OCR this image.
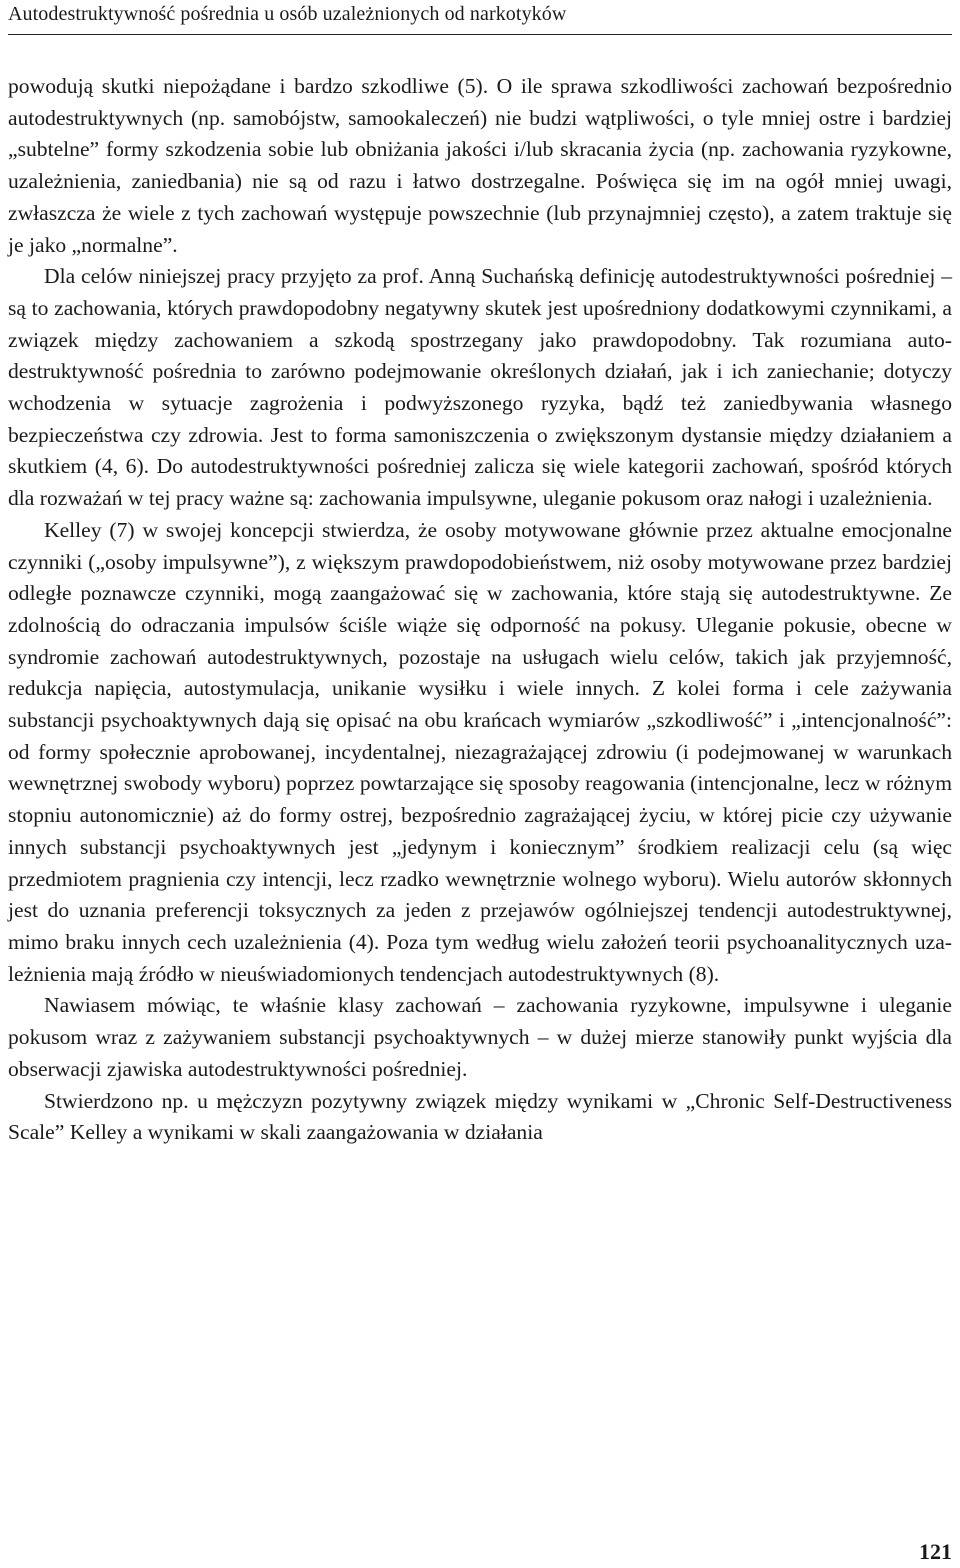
Autodestruktywność pośrednia u osób uzależnionych od narkotyków

powodują skutki niepożądane i bardzo szkodliwe (5). O ile sprawa szkodliwości zachowań bezpośrednio autodestruktywnych (np. samobójstw, samookaleczeń) nie budzi wątpliwości, o tyle mniej ostre i bardziej „subtelne” formy szkodzenia sobie lub obniżania jakości i/lub skracania życia (np. zachowania ryzykowne, uzależnienia, zaniedbania) nie są od razu i łatwo dostrzegalne. Poświęca się im na ogół mniej uwagi, zwłaszcza że wiele z tych zachowań występuje powszechnie (lub przynajmniej często), a zatem traktuje się je jako „normalne”.

Dla celów niniejszej pracy przyjęto za prof. Anną Suchańską definicję autodestruktywności pośredniej – są to zachowania, których prawdopodobny negatywny skutek jest upośredniony dodatkowymi czynnikami, a związek między zachowaniem a szkodą spostrzegany jako prawdopodobny. Tak rozumiana autodestruktywność pośrednia to zarówno podejmowanie określonych działań, jak i ich zaniechanie; dotyczy wchodzenia w sytuacje zagrożenia i podwyższonego ryzyka, bądź też zaniedbywania własnego bezpieczeństwa czy zdrowia. Jest to forma samoniszczenia o zwiększonym dystansie między działaniem a skutkiem (4, 6). Do autodestruktywności pośredniej zalicza się wiele kategorii zachowań, spośród których dla rozważań w tej pracy ważne są: zachowania impulsywne, uleganie pokusom oraz nałogi i uzależnienia.

Kelley (7) w swojej koncepcji stwierdza, że osoby motywowane głównie przez aktualne emocjonalne czynniki („osoby impulsywne”), z większym prawdopodobieństwem, niż osoby motywowane przez bardziej odległe poznawcze czynniki, mogą zaangażować się w zachowania, które stają się autodestruktywne. Ze zdolnością do odraczania impulsów ściśle wiąże się odporność na pokusy. Uleganie pokusie, obecne w syndromie zachowań autodestruktywnych, pozostaje na usługach wielu celów, takich jak przyjemność, redukcja napięcia, autostymulacja, unikanie wysiłku i wiele innych. Z kolei forma i cele zażywania substancji psychoaktywnych dają się opisać na obu krańcach wymiarów „szkodliwość” i „intencjonalność”: od formy społecznie aprobowanej, incydentalnej, niezagrażającej zdrowiu (i podejmowanej w warunkach wewnętrznej swobody wyboru) poprzez powtarzające się sposoby reagowania (intencjonalne, lecz w różnym stopniu autonomicznie) aż do formy ostrej, bezpośrednio zagrażającej życiu, w której picie czy używanie innych substancji psychoaktywnych jest „jedynym i koniecznym” środkiem realizacji celu (są więc przedmiotem pragnienia czy intencji, lecz rzadko wewnętrznie wolnego wyboru). Wielu autorów skłonnych jest do uznania preferencji toksycznych za jeden z przejawów ogólniejszej tendencji autodestruktywnej, mimo braku innych cech uzależnienia (4). Poza tym według wielu założeń teorii psychoanalitycznych uzależnienia mają źródło w nieuświadomionych tendencjach autodestruktywnych (8).

Nawiasem mówiąc, te właśnie klasy zachowań – zachowania ryzykowne, impulsywne i uleganie pokusom wraz z zażywaniem substancji psychoaktywnych – w dużej mierze stanowiły punkt wyjścia dla obserwacji zjawiska autodestruktywności pośredniej.

Stwierdzono np. u mężczyzn pozytywny związek między wynikami w „Chronic Self-Destructiveness Scale” Kelley a wynikami w skali zaangażowania w działania

121
